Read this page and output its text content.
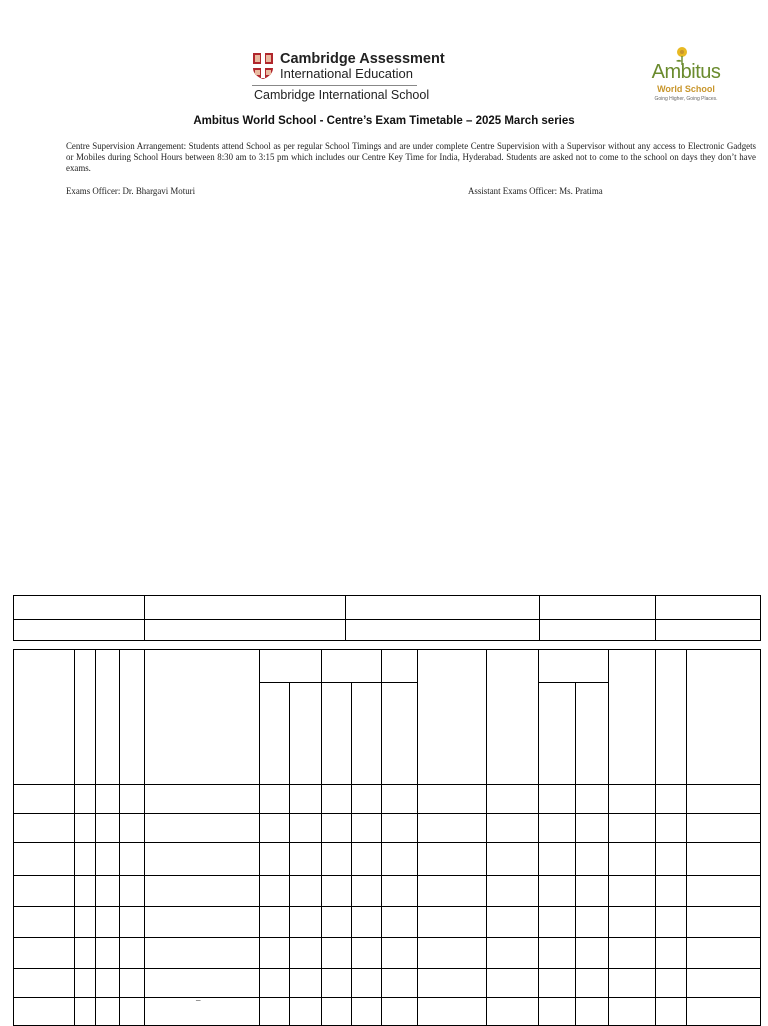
Cambridge Assessment
International Education
Cambridge International School
Ambitus
World School
Going Higher, Going Places.
Ambitus World School - Centre’s Exam Timetable – 2025 March series
Centre Supervision Arrangement: Students attend School as per regular School Timings and are under complete Centre Supervision with a Supervisor without any access to Electronic Gadgets or Mobiles during School Hours between 8:30 am to 3:15 pm which includes our Centre Key Time for India, Hyderabad. Students are asked not to come to the school on days they don’t have exams.
Exams Officer: Dr. Bhargavi Moturi	Assistant Exams Officer: Ms. Pratima
–
